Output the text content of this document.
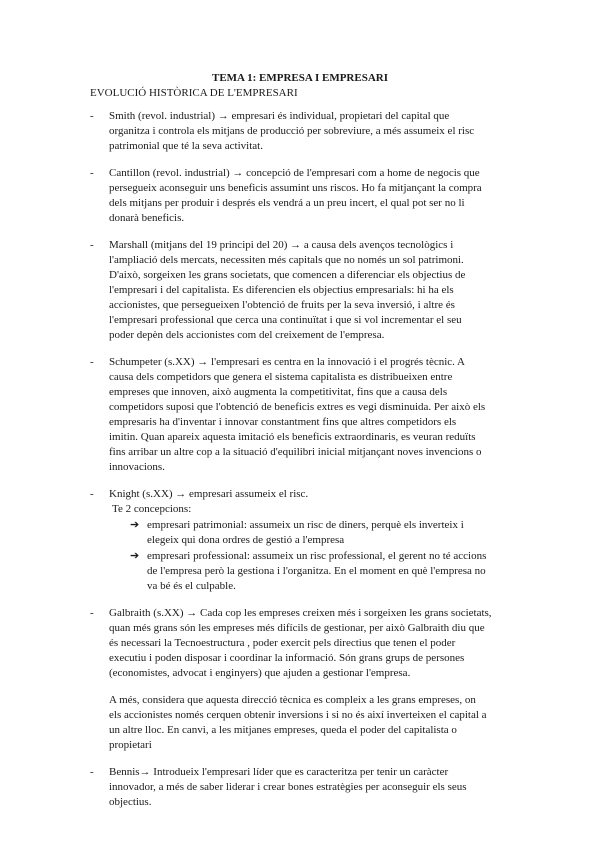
TEMA 1: EMPRESA I EMPRESARI
EVOLUCIÓ HISTÒRICA DE L'EMPRESARI
- Smith (revol. industrial) → empresari és individual, propietari del capital que
organitza i controla els mitjans de producció per sobreviure, a més assumeix el risc
patrimonial que té la seva activitat.
- Cantillon (revol. industrial) → concepció de l'empresari com a home de negocis que
persegueix aconseguir uns beneficis assumint uns riscos. Ho fa mitjançant la compra
dels mitjans per produir i després els vendrá a un preu incert, el qual pot ser no li
donarà beneficis.
- Marshall (mitjans del 19 principi del 20) → a causa dels avenços tecnològics i
l'ampliació dels mercats, necessiten més capitals que no només un sol patrimoni.
D'això, sorgeixen les grans societats, que comencen a diferenciar els objectius de
l'empresari i del capitalista. Es diferencien els objectius empresarials: hi ha els
accionistes, que persegueixen l'obtenció de fruits per la seva inversió, i altre és
l'empresari professional que cerca una continuïtat i que si vol incrementar el seu
poder depèn dels accionistes com del creixement de l'empresa.
- Schumpeter (s.XX) → l'empresari es centra en la innovació i el progrés tècnic. A
causa dels competidors que genera el sistema capitalista es distribueixen entre
empreses que innoven, això augmenta la competitivitat, fins que a causa dels
competidors suposi que l'obtenció de beneficis extres es vegi disminuida. Per això els
empresaris ha d'inventar i innovar constantment fins que altres competidors els
imitin. Quan apareix aquesta imitació els beneficis extraordinaris, es veuran reduïts
fins arribar un altre cop a la situació d'equilibri inicial mitjançant noves invencions o
innovacions.
- Knight (s.XX) → empresari assumeix el risc.
Te 2 concepcions:
➔ empresari patrimonial: assumeix un risc de diners, perquè els inverteix i
elegeix qui dona ordres de gestió a l'empresa
➔ empresari professional: assumeix un risc professional, el gerent no té accions
de l'empresa però la gestiona i l'organitza. En el moment en què l'empresa no
va bé és el culpable.
- Galbraith (s.XX) → Cada cop les empreses creixen més i sorgeixen les grans societats,
quan més grans són les empreses més difícils de gestionar, per això Galbraith diu que
és necessari la Tecnoestructura , poder exercit pels directius que tenen el poder
executiu i poden disposar i coordinar la informació. Són grans grups de persones
(economistes, advocat i enginyers) que ajuden a gestionar l'empresa.
A més, considera que aquesta direcció tècnica es compleix a les grans empreses, on
els accionistes només cerquen obtenir inversions i si no és així inverteixen el capital a
un altre lloc. En canvi, a les mitjanes empreses, queda el poder del capitalista o
propietari
- Bennis→ Introdueix l'empresari líder que es caracteritza per tenir un caràcter
innovador, a més de saber liderar i crear bones estratègies per aconseguir els seus
objectius.
